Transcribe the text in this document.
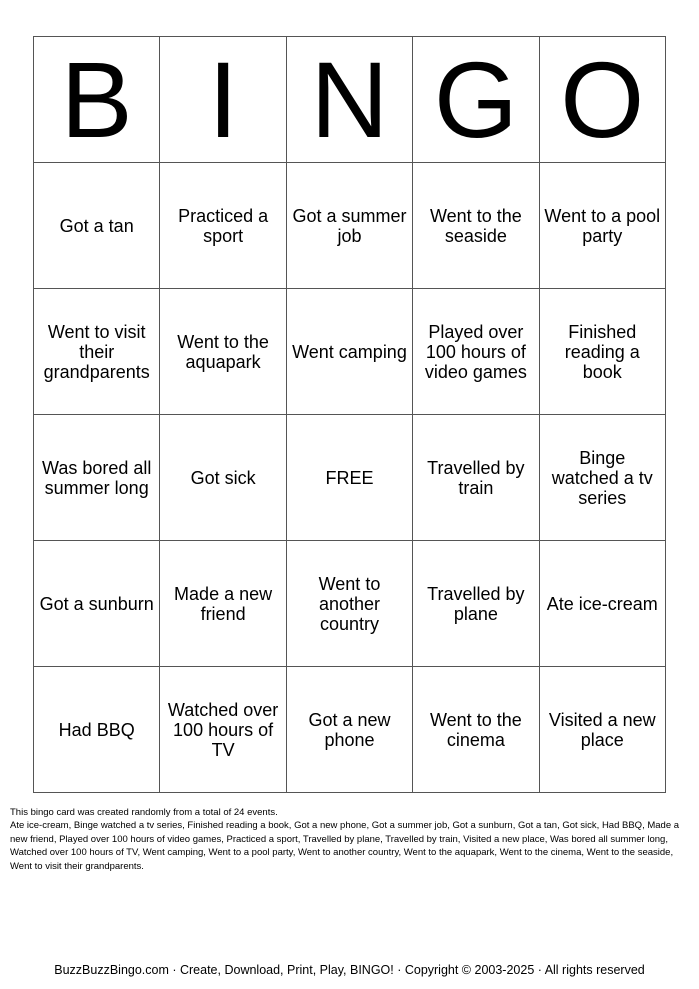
B	I	N	G	O
Got a tan	Practiced a sport	Got a summer job	Went to the seaside	Went to a pool party
Went to visit their grandparents	Went to the aquapark	Went camping	Played over 100 hours of video games	Finished reading a book
Was bored all summer long	Got sick	FREE	Travelled by train	Binge watched a tv series
Got a sunburn	Made a new friend	Went to another country	Travelled by plane	Ate ice-cream
Had BBQ	Watched over 100 hours of TV	Got a new phone	Went to the cinema	Visited a new place

This bingo card was created randomly from a total of 24 events.

Ate ice-cream, Binge watched a tv series, Finished reading a book, Got a new phone, Got a summer job, Got a sunburn, Got a tan, Got sick, Had BBQ, Made a new friend, Played over 100 hours of video games, Practiced a sport, Travelled by plane, Travelled by train, Visited a new place, Was bored all summer long, Watched over 100 hours of TV, Went camping, Went to a pool party, Went to another country, Went to the aquapark, Went to the cinema, Went to the seaside, Went to visit their grandparents.

BuzzBuzzBingo.com · Create, Download, Print, Play, BINGO! · Copyright © 2003-2025 · All rights reserved
